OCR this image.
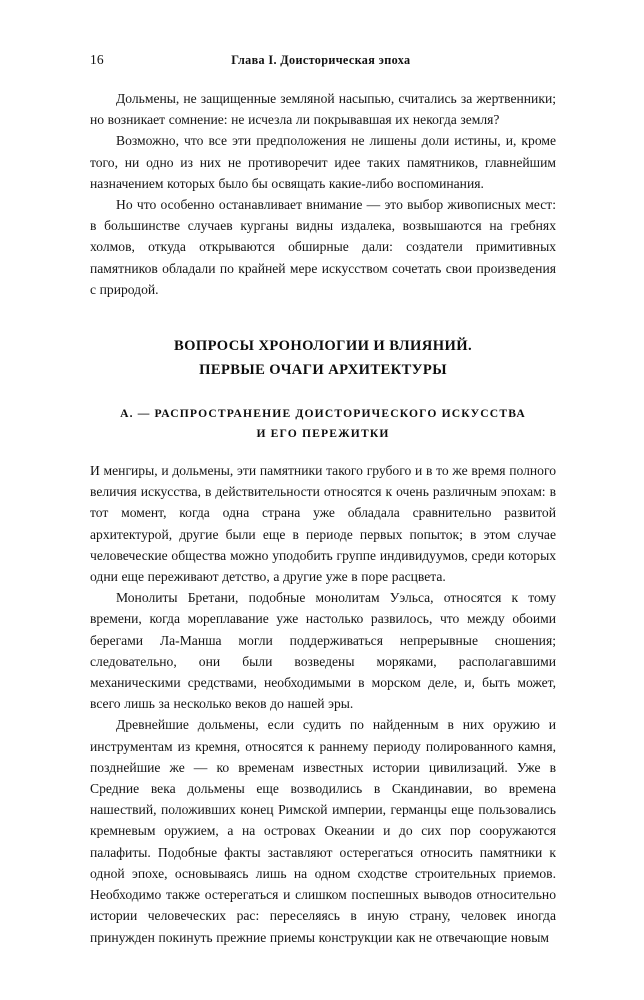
16	Глава I. Доисторическая эпоха

Дольмены, не защищенные земляной насыпью, считались за жертвенники; но возникает сомнение: не исчезла ли покрывавшая их некогда земля?

Возможно, что все эти предположения не лишены доли истины, и, кроме того, ни одно из них не противоречит идее таких памятников, главнейшим назначением которых было бы освящать какие-либо воспоминания.

Но что особенно останавливает внимание — это выбор живописных мест: в большинстве случаев курганы видны издалека, возвышаются на гребнях холмов, откуда открываются обширные дали: создатели примитивных памятников обладали по крайней мере искусством сочетать свои произведения с природой.

ВОПРОСЫ ХРОНОЛОГИИ И ВЛИЯНИЙ.
ПЕРВЫЕ ОЧАГИ АРХИТЕКТУРЫ
A. — РАСПРОСТРАНЕНИЕ ДОИСТОРИЧЕСКОГО ИСКУССТВА
И ЕГО ПЕРЕЖИТКИ

И менгиры, и дольмены, эти памятники такого грубого и в то же время полного величия искусства, в действительности относятся к очень различным эпохам: в тот момент, когда одна страна уже обладала сравнительно развитой архитектурой, другие были еще в периоде первых попыток; в этом случае человеческие общества можно уподобить группе индивидуумов, среди которых одни еще переживают детство, а другие уже в поре расцвета.

Монолиты Бретани, подобные монолитам Уэльса, относятся к тому времени, когда мореплавание уже настолько развилось, что между обоими берегами Ла-Манша могли поддерживаться непрерывные сношения; следовательно, они были возведены моряками, располагавшими механическими средствами, необходимыми в морском деле, и, быть может, всего лишь за несколько веков до нашей эры.

Древнейшие дольмены, если судить по найденным в них оружию и инструментам из кремня, относятся к раннему периоду полированного камня, позднейшие же — ко временам известных истории цивилизаций. Уже в Средние века дольмены еще возводились в Скандинавии, во времена нашествий, положивших конец Римской империи, германцы еще пользовались кремневым оружием, а на островах Океании и до сих пор сооружаются палафиты. Подобные факты заставляют остерегаться относить памятники к одной эпохе, основываясь лишь на одном сходстве строительных приемов. Необходимо также остерегаться и слишком поспешных выводов относительно истории человеческих рас: переселяясь в иную страну, человек иногда принужден покинуть прежние приемы конструкции как не отвечающие новым
